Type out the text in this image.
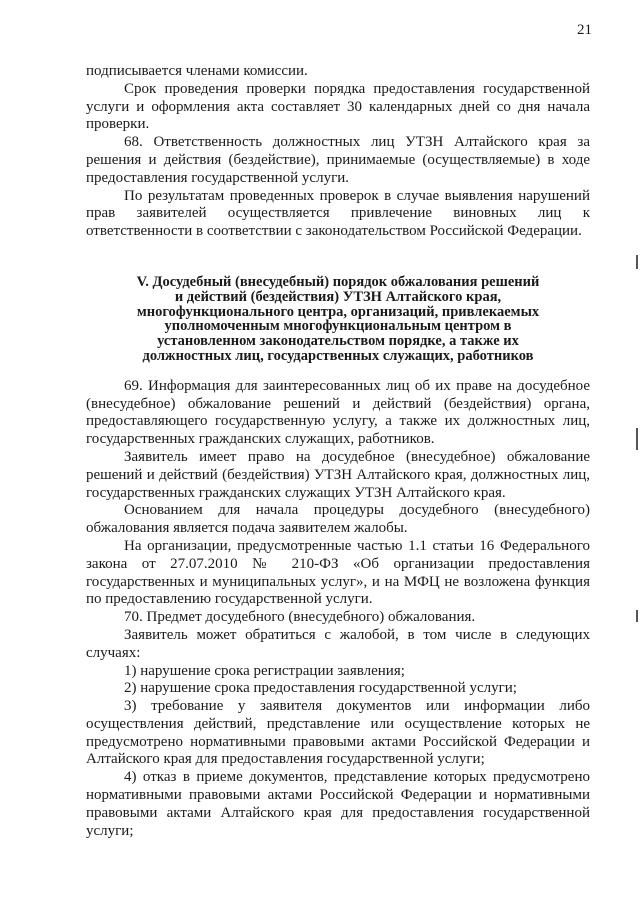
21

подписывается членами комиссии.

Срок проведения проверки порядка предоставления государственной услуги и оформления акта составляет 30 календарных дней со дня начала проверки.

68. Ответственность должностных лиц УТЗН Алтайского края за решения и действия (бездействие), принимаемые (осуществляемые) в ходе предоставления государственной услуги.

По результатам проведенных проверок в случае выявления нарушений прав заявителей осуществляется привлечение виновных лиц к ответственности в соответствии с законодательством Российской Федерации.

V. Досудебный (внесудебный) порядок обжалования решений
и действий (бездействия) УТЗН Алтайского края,
многофункционального центра, организаций, привлекаемых
уполномоченным многофункциональным центром в
установленном законодательством порядке, а также их
должностных лиц, государственных служащих, работников

69. Информация для заинтересованных лиц об их праве на досудебное (внесудебное) обжалование решений и действий (бездействия) органа, предоставляющего государственную услугу, а также их должностных лиц, государственных гражданских служащих, работников.

Заявитель имеет право на досудебное (внесудебное) обжалование решений и действий (бездействия) УТЗН Алтайского края, должностных лиц, государственных гражданских служащих УТЗН Алтайского края.

Основанием для начала процедуры досудебного (внесудебного) обжалования является подача заявителем жалобы.

На организации, предусмотренные частью 1.1 статьи 16 Федерального закона от 27.07.2010 № 210-ФЗ «Об организации предоставления государственных и муниципальных услуг», и на МФЦ не возложена функция по предоставлению государственной услуги.

70. Предмет досудебного (внесудебного) обжалования.

Заявитель может обратиться с жалобой, в том числе в следующих случаях:

1) нарушение срока регистрации заявления;

2) нарушение срока предоставления государственной услуги;

3) требование у заявителя документов или информации либо осуществления действий, представление или осуществление которых не предусмотрено нормативными правовыми актами Российской Федерации и Алтайского края для предоставления государственной услуги;

4) отказ в приеме документов, представление которых предусмотрено нормативными правовыми актами Российской Федерации и нормативными правовыми актами Алтайского края для предоставления государственной услуги;
